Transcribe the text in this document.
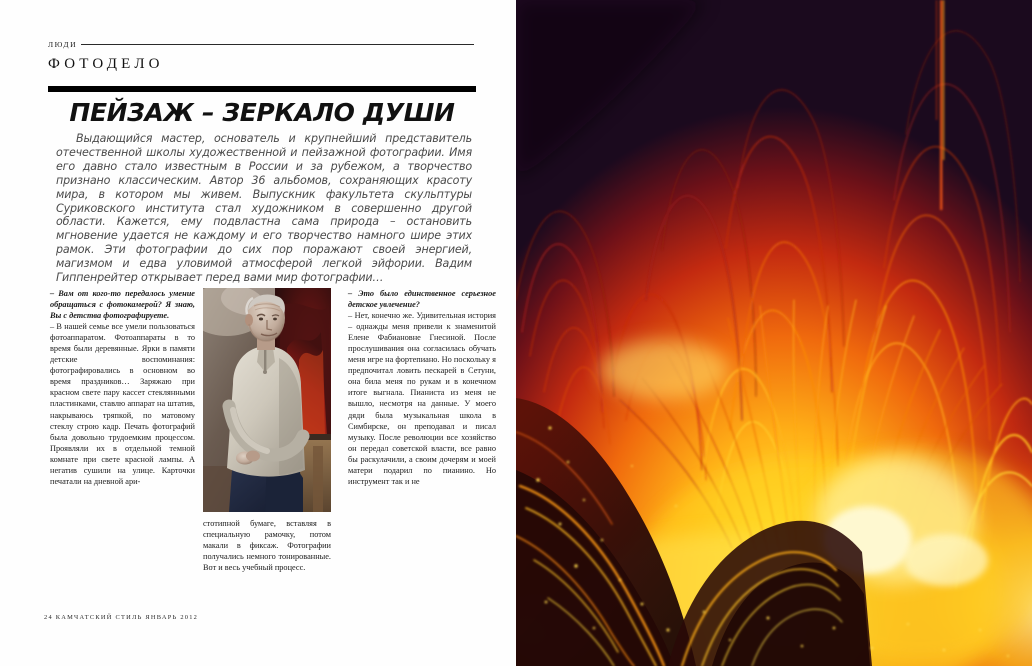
ЛЮДИ
ФОТОДЕЛО
ПЕЙЗАЖ – ЗЕРКАЛО ДУШИ
Выдающийся мастер, основатель и крупнейший представитель отечественной школы художественной и пейзажной фотографии. Имя его давно стало известным в России и за рубежом, а творчество признано классическим. Автор 36 альбомов, сохраняющих красоту мира, в котором мы живем. Выпускник факультета скульптуры Суриковского института стал художником в совершенно другой области. Кажется, ему подвластна сама природа – остановить мгновение удается не каждому и его творчество намного шире этих рамок. Эти фотографии до сих пор поражают своей энергией, магизмом и едва уловимой атмосферой легкой эйфории. Вадим Гиппенрейтер открывает перед вами мир фотографии…

– Вам от кого-то передалось умение обращаться с фотокамерой? Я знаю, Вы с детства фотографируете.

– В нашей семье все умели пользоваться фотоаппаратом. Фотоаппараты в то время были деревянные. Ярки в памяти детские воспоминания: фотографировались в основном во время праздников… Заряжаю при красном свете пару кассет стеклянными пластинками, ставлю аппарат на штатив, накрываюсь тряпкой, по матовому стеклу строю кадр. Печать фотографий была довольно трудоемким процессом. Проявляли их в отдельной темной комнате при свете красной лампы. А негатив сушили на улице. Карточки печатали на дневной ари-

стотипной бумаге, вставляя в специальную рамочку, потом макали в фиксаж. Фотографии получались немного тонированные. Вот и весь учебный процесс.

– Это было единственное серьезное детское увлечение?

– Нет, конечно же. Удивительная история – однажды меня привели к знаменитой Елене Фабиановне Гнесиной. После прослушивания она согласилась обучать меня игре на фортепиано. Но поскольку я предпочитал ловить пескарей в Сетуни, она била меня по рукам и в конечном итоге выгнала. Пианиста из меня не вышло, несмотря на данные. У моего дяди была музыкальная школа в Симбирске, он преподавал и писал музыку. После революции все хозяйство он передал советской власти, все равно бы раскулачили, а своим дочерям и моей матери подарил по пианино. Но инструмент так и не

24 КАМЧАТСКИЙ СТИЛЬ ЯНВАРЬ 2012
